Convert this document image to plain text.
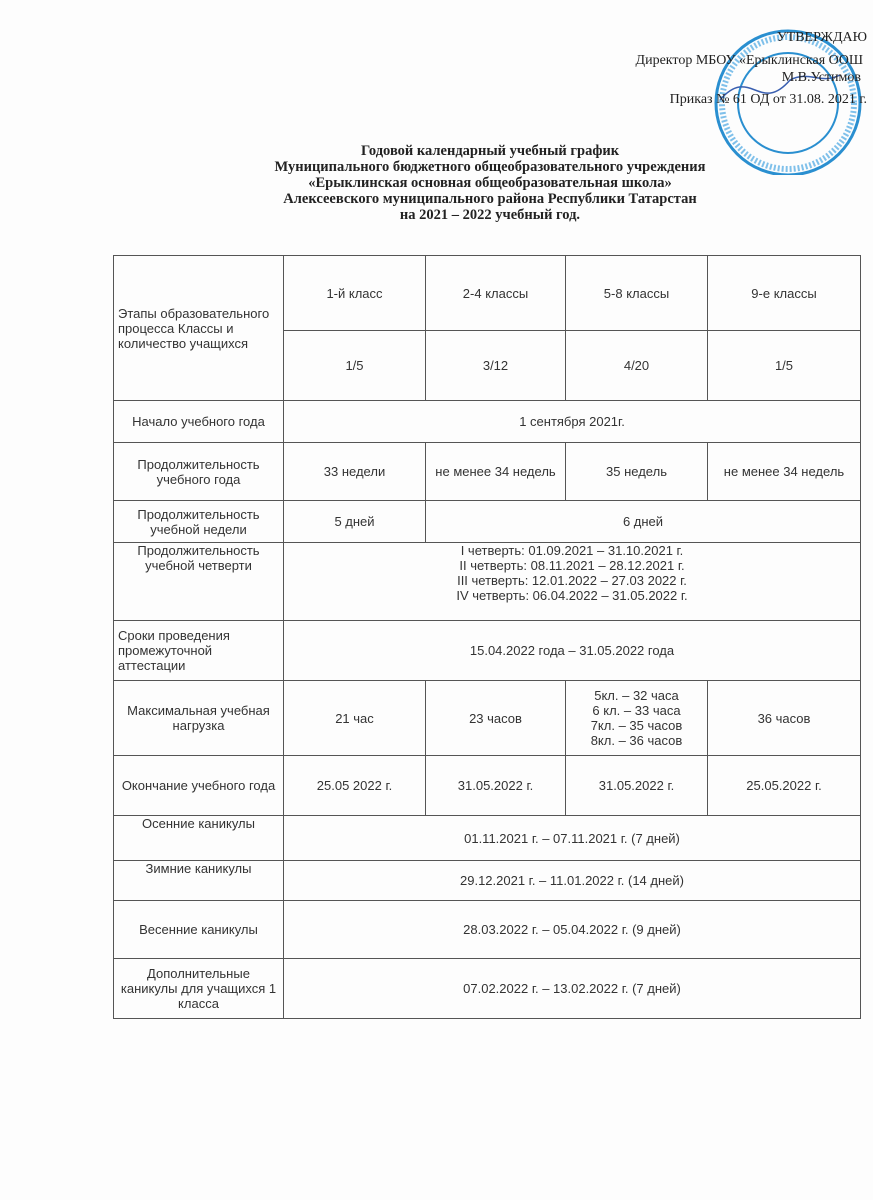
УТВЕРЖДАЮ
Директор МБОУ «Ерыклинская ООШ
М.В.Устимов
Приказ № 61 ОД от 31.08. 2021 г.
Годовой календарный учебный график
Муниципального бюджетного общеобразовательного учреждения
«Ерыклинская основная общеобразовательная школа»
Алексеевского муниципального района Республики Татарстан
на 2021 – 2022 учебный год.
Этапы образовательного процесса Классы и количество учащихся	1-й класс	2-4 классы	5-8 классы	9-е классы
	1/5	3/12	4/20	1/5
Начало учебного года	1 сентября 2021г.			
Продолжительность учебного года	33 недели	не менее 34 недель	35 недель	не менее 34 недель
Продолжительность учебной недели	5 дней	6 дней		
Продолжительность учебной четверти	I четверть: 01.09.2021 – 31.10.2021 г.
II четверть: 08.11.2021 – 28.12.2021 г.
III четверть: 12.01.2022 – 27.03 2022 г.
IV четверть: 06.04.2022 – 31.05.2022 г.			

Сроки проведения промежуточной аттестации	15.04.2022 года – 31.05.2022 года			
Максимальная учебная нагрузка	21 час	23 часов	5кл. – 32 часа
6 кл. – 33 часа
7кл. – 35 часов
8кл. – 36 часов	36 часов
Окончание учебного года	25.05 2022 г.	31.05.2022 г.	31.05.2022 г.	25.05.2022 г.
Осенние каникулы	01.11.2021 г. – 07.11.2021 г. (7 дней)			
Зимние каникулы	29.12.2021 г. – 11.01.2022 г. (14 дней)			
Весенние каникулы	28.03.2022 г. – 05.04.2022 г. (9 дней)			
Дополнительные каникулы для учащихся 1 класса	07.02.2022 г. – 13.02.2022 г. (7 дней)			
